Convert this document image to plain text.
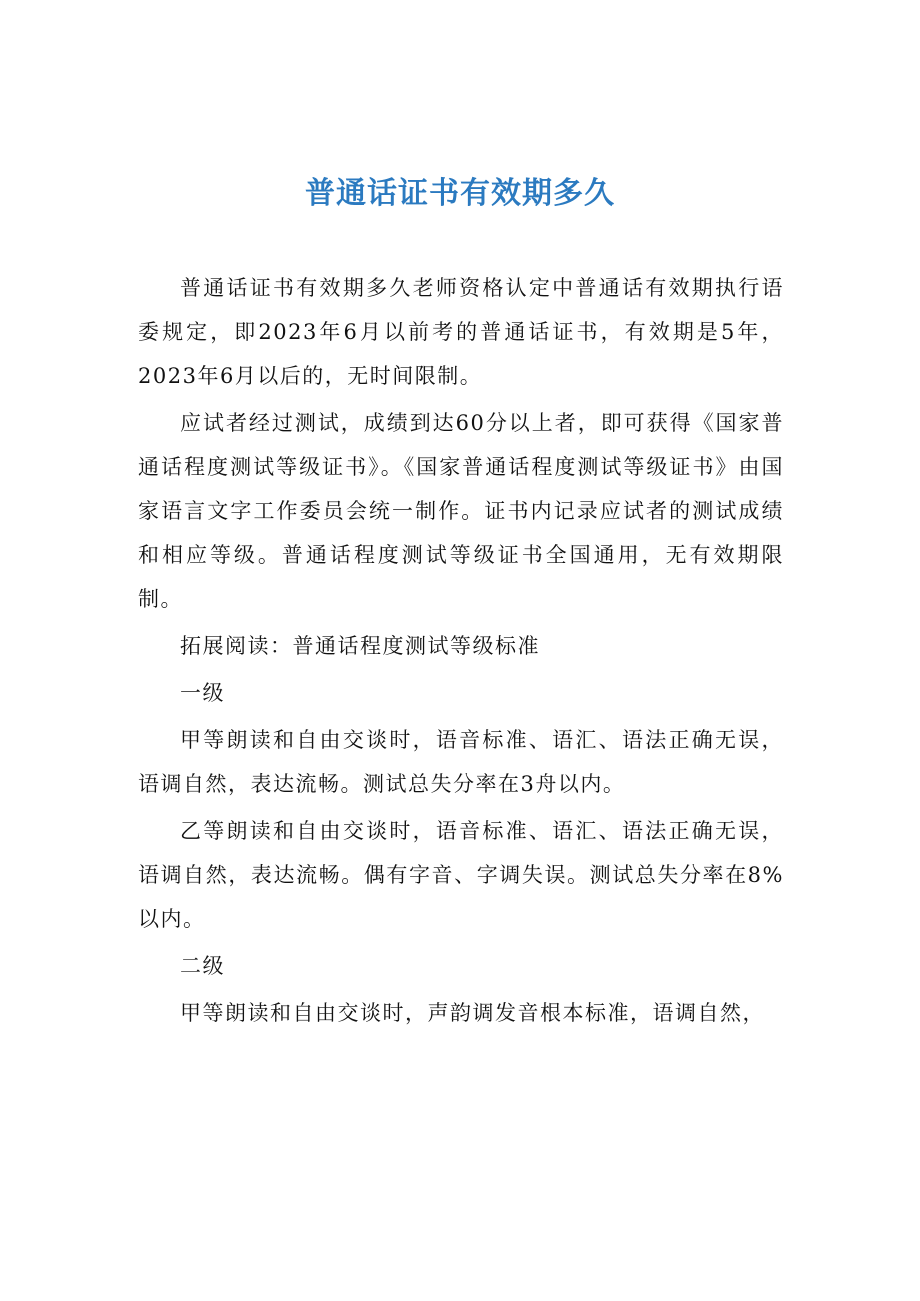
普通话证书有效期多久

普通话证书有效期多久老师资格认定中普通话有效期执行语委规定，即2023年6月以前考的普通话证书，有效期是5年，2023年6月以后的，无时间限制。

应试者经过测试，成绩到达60分以上者，即可获得《国家普通话程度测试等级证书》。《国家普通话程度测试等级证书》由国家语言文字工作委员会统一制作。证书内记录应试者的测试成绩和相应等级。普通话程度测试等级证书全国通用，无有效期限制。

拓展阅读：普通话程度测试等级标准

一级

甲等朗读和自由交谈时，语音标准、语汇、语法正确无误，语调自然，表达流畅。测试总失分率在3舟以内。

乙等朗读和自由交谈时，语音标准、语汇、语法正确无误，语调自然，表达流畅。偶有字音、字调失误。测试总失分率在8%以内。

二级

甲等朗读和自由交谈时，声韵调发音根本标准，语调自然，
